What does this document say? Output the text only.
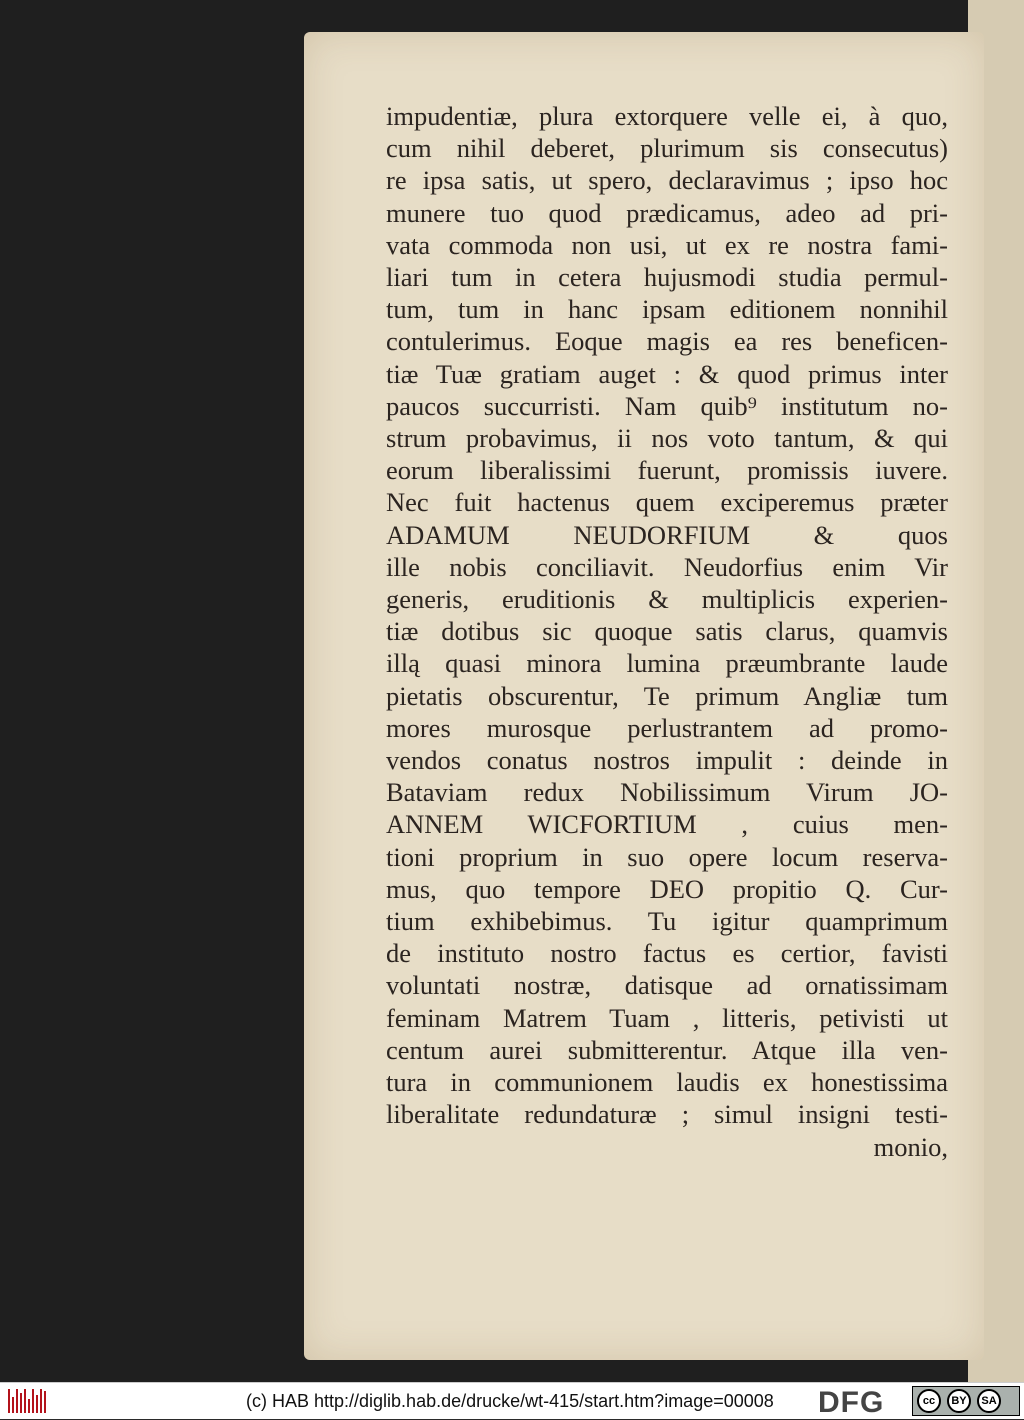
impudentiæ, plura extorquere velle ei, à quo,
cum nihil deberet, plurimum sis consecutus)
re ipsa satis, ut spero, declaravimus ; ipso hoc
munere tuo quod prædicamus, adeo ad pri-
vata commoda non usi, ut ex re nostra fami-
liari tum in cetera hujusmodi studia permul-
tum, tum in hanc ipsam editionem nonnihil
contulerimus. Eoque magis ea res beneficen-
tiæ Tuæ gratiam auget : & quod primus inter
paucos succurristi. Nam quib⁹ institutum no-
strum probavimus, ii nos voto tantum, & qui
eorum liberalissimi fuerunt, promissis iuvere.
Nec fuit hactenus quem exciperemus præter
ADAMUM NEUDORFIUM & quos
ille nobis conciliavit. Neudorfius enim Vir
generis, eruditionis & multiplicis experien-
tiæ dotibus sic quoque satis clarus, quamvis
illą quasi minora lumina præumbrante laude
pietatis obscurentur, Te primum Angliæ tum
mores murosque perlustrantem ad promo-
vendos conatus nostros impulit : deinde in
Bataviam redux Nobilissimum Virum JO-
ANNEM WICFORTIUM , cuius men-
tioni proprium in suo opere locum reserva-
mus, quo tempore DEO propitio Q. Cur-
tium exhibebimus. Tu igitur quamprimum
de instituto nostro factus es certior, favisti
voluntati nostræ, datisque ad ornatissimam
feminam Matrem Tuam , litteris, petivisti ut
centum aurei submitterentur. Atque illa ven-
tura in communionem laudis ex honestissima
liberalitate redundaturæ ; simul insigni testi-
monio,
(c) HAB http://diglib.hab.de/drucke/wt-415/start.htm?image=00008 DFG	cc	BY	SA
